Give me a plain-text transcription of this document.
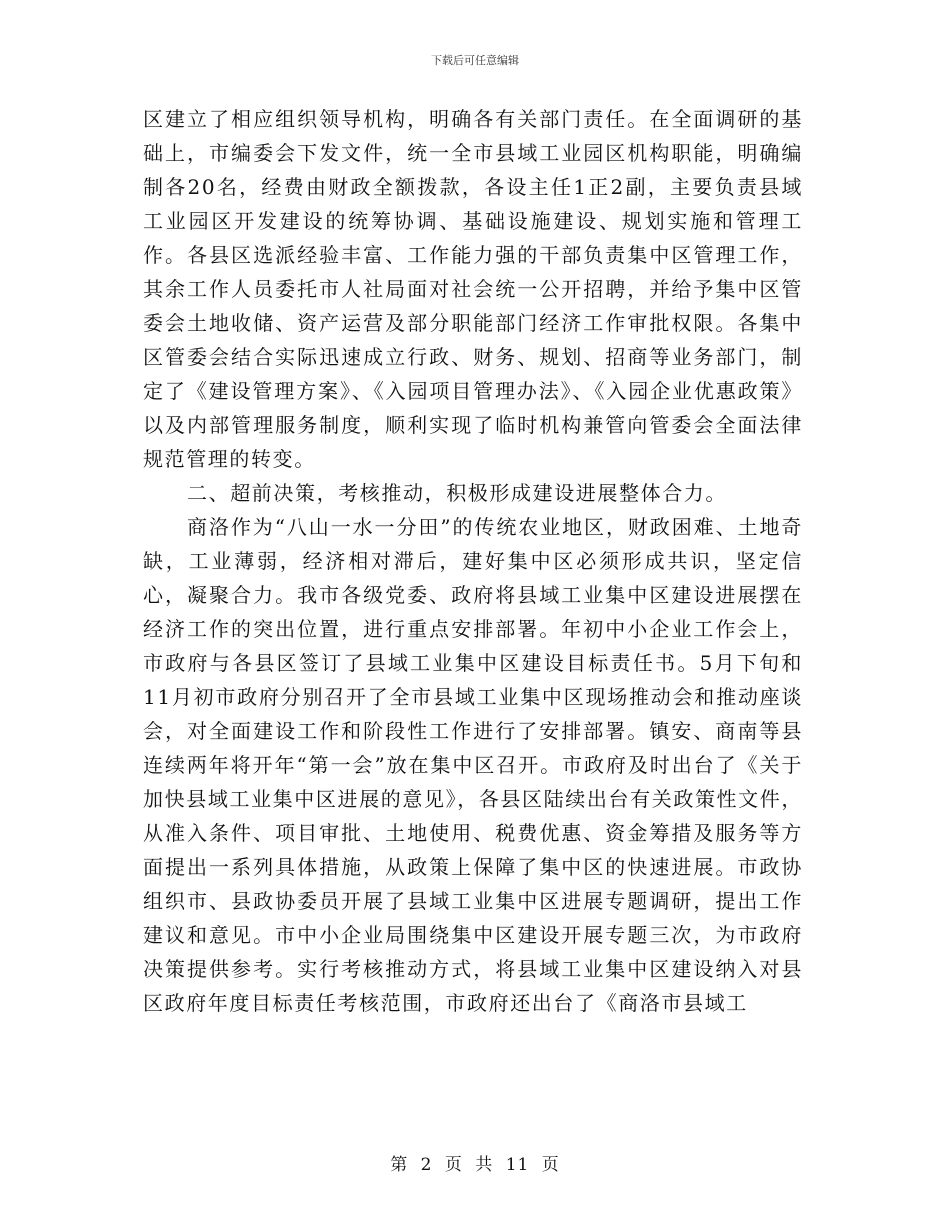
下载后可任意编辑

区建立了相应组织领导机构，明确各有关部门责任。在全面调研的基础上，市编委会下发文件，统一全市县域工业园区机构职能，明确编制各20名，经费由财政全额拨款，各设主任1正2副，主要负责县域工业园区开发建设的统筹协调、基础设施建设、规划实施和管理工作。各县区选派经验丰富、工作能力强的干部负责集中区管理工作，其余工作人员委托市人社局面对社会统一公开招聘，并给予集中区管委会土地收储、资产运营及部分职能部门经济工作审批权限。各集中区管委会结合实际迅速成立行政、财务、规划、招商等业务部门，制定了《建设管理方案》、《入园项目管理办法》、《入园企业优惠政策》以及内部管理服务制度，顺利实现了临时机构兼管向管委会全面法律规范管理的转变。

二、超前决策，考核推动，积极形成建设进展整体合力。

商洛作为“八山一水一分田”的传统农业地区，财政困难、土地奇缺，工业薄弱，经济相对滞后，建好集中区必须形成共识，坚定信心，凝聚合力。我市各级党委、政府将县域工业集中区建设进展摆在经济工作的突出位置，进行重点安排部署。年初中小企业工作会上，市政府与各县区签订了县域工业集中区建设目标责任书。5月下旬和11月初市政府分别召开了全市县域工业集中区现场推动会和推动座谈会，对全面建设工作和阶段性工作进行了安排部署。镇安、商南等县连续两年将开年“第一会”放在集中区召开。市政府及时出台了《关于加快县域工业集中区进展的意见》，各县区陆续出台有关政策性文件，从准入条件、项目审批、土地使用、税费优惠、资金筹措及服务等方面提出一系列具体措施，从政策上保障了集中区的快速进展。市政协组织市、县政协委员开展了县域工业集中区进展专题调研，提出工作建议和意见。市中小企业局围绕集中区建设开展专题三次，为市政府决策提供参考。实行考核推动方式，将县域工业集中区建设纳入对县区政府年度目标责任考核范围，市政府还出台了《商洛市县域工

第 2 页 共 11 页
